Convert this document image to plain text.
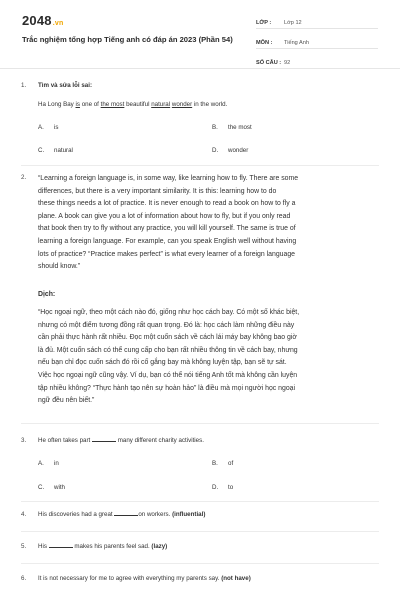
2048.vn
Trắc nghiệm tổng hợp Tiếng anh có đáp án 2023 (Phần 54)
LỚP :	Lớp 12
MÔN :	Tiếng Anh
SỐ CÂU : 92
1. Tìm và sửa lỗi sai:
Ha Long Bay is one of the most beautiful natural wonder in the world.
A. is	B. the most
C. natural	D. wonder
2. “Learning a foreign language is, in some way, like learning how to fly. There are some
differences, but there is a very important similarity. It is this: learning how to do
these things needs a lot of practice. It is never enough to read a book on how to fly a
plane. A book can give you a lot of information about how to fly, but if you only read
that book then try to fly without any practice, you will kill yourself. The same is true of
learning a foreign language. For example, can you speak English well without having
lots of practice? “Practice makes perfect” is what every learner of a foreign language
should know.”
Dịch:
“Học ngoại ngữ, theo một cách nào đó, giống như học cách bay. Có một số khác biệt,
nhưng có một điểm tương đồng rất quan trọng. Đó là: học cách làm những điều này
cần phải thực hành rất nhiều. Đọc một cuốn sách về cách lái máy bay không bao giờ
là đủ. Một cuốn sách có thể cung cấp cho bạn rất nhiều thông tin về cách bay, nhưng
nếu bạn chỉ đọc cuốn sách đó rồi cố gắng bay mà không luyện tập, bạn sẽ tự sát.
Việc học ngoại ngữ cũng vậy. Ví dụ, bạn có thể nói tiếng Anh tốt mà không cần luyện
tập nhiều không? “Thực hành tạo nên sự hoàn hảo” là điều mà mọi người học ngoại
ngữ đều nên biết.”
3. He often takes part	many different charity activities.
A. in	B. of
C. with	D. to
4. His discoveries had a great	on workers. (influential)
5. His	makes his parents feel sad. (lazy)
6. It is not necessary for me to agree with everything my parents say. (not have)
